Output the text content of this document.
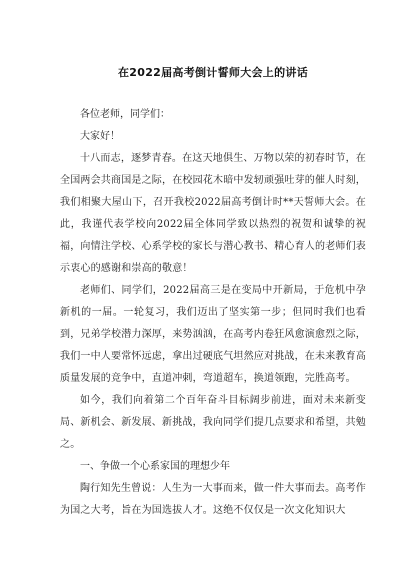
在2022届高考倒计誓师大会上的讲话

各位老师，同学们：

大家好！

十八而志，逐梦青春。在这天地俱生、万物以荣的初春时节，在全国两会共商国是之际，在校园花木暗中发轫顽强吐芽的催人时刻，我们相聚大屋山下，召开我校2022届高考倒计时**天誓师大会。在此，我谨代表学校向2022届全体同学致以热烈的祝贺和诚挚的祝福，向情注学校、心系学校的家长与潜心教书、精心育人的老师们表示衷心的感谢和崇高的敬意！

老师们、同学们，2022届高三是在变局中开新局，于危机中孕新机的一届。一轮复习，我们迈出了坚实第一步；但同时我们也看到，兄弟学校潜力深厚，来势汹汹，在高考内卷狂风愈演愈烈之际，我们一中人要常怀远虑，拿出过硬底气坦然应对挑战，在未来教育高质量发展的竞争中，直道冲刺，弯道超车，换道领跑，完胜高考。

如今，我们向着第二个百年奋斗目标阔步前进，面对未来新变局、新机会、新发展、新挑战，我向同学们提几点要求和希望，共勉之。

一、争做一个心系家国的理想少年

陶行知先生曾说：人生为一大事而来，做一件大事而去。高考作为国之大考，旨在为国选拔人才。这绝不仅仅是一次文化知识大
